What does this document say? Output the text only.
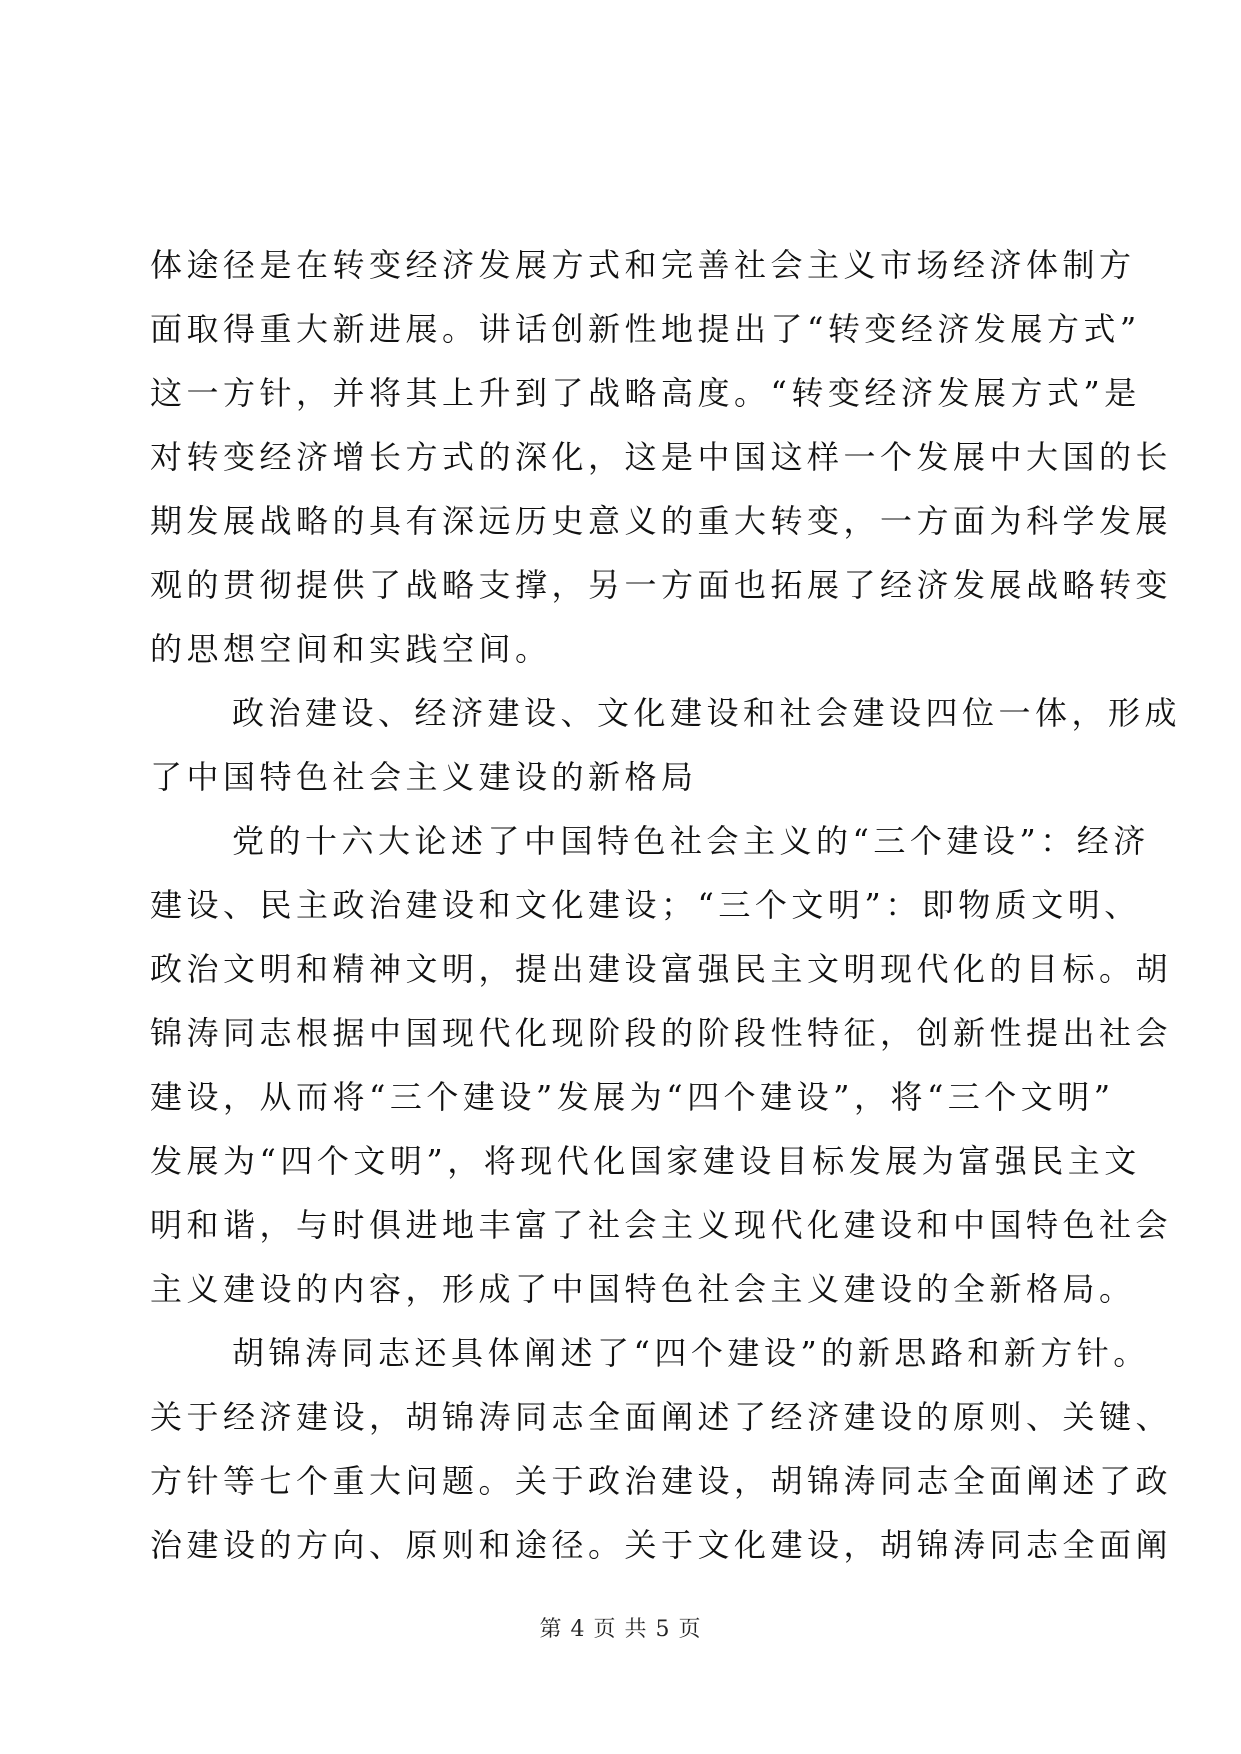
体途径是在转变经济发展方式和完善社会主义市场经济体制方
面取得重大新进展。讲话创新性地提出了“转变经济发展方式”
这一方针，并将其上升到了战略高度。“转变经济发展方式”是
对转变经济增长方式的深化，这是中国这样一个发展中大国的长
期发展战略的具有深远历史意义的重大转变，一方面为科学发展
观的贯彻提供了战略支撑，另一方面也拓展了经济发展战略转变
的思想空间和实践空间。
政治建设、经济建设、文化建设和社会建设四位一体，形成
了中国特色社会主义建设的新格局
党的十六大论述了中国特色社会主义的“三个建设”：经济
建设、民主政治建设和文化建设；“三个文明”：即物质文明、
政治文明和精神文明，提出建设富强民主文明现代化的目标。胡
锦涛同志根据中国现代化现阶段的阶段性特征，创新性提出社会
建设，从而将“三个建设”发展为“四个建设”，将“三个文明”
发展为“四个文明”，将现代化国家建设目标发展为富强民主文
明和谐，与时俱进地丰富了社会主义现代化建设和中国特色社会
主义建设的内容，形成了中国特色社会主义建设的全新格局。
胡锦涛同志还具体阐述了“四个建设”的新思路和新方针。
关于经济建设，胡锦涛同志全面阐述了经济建设的原则、关键、
方针等七个重大问题。关于政治建设，胡锦涛同志全面阐述了政
治建设的方向、原则和途径。关于文化建设，胡锦涛同志全面阐
第 4 页 共 5 页
